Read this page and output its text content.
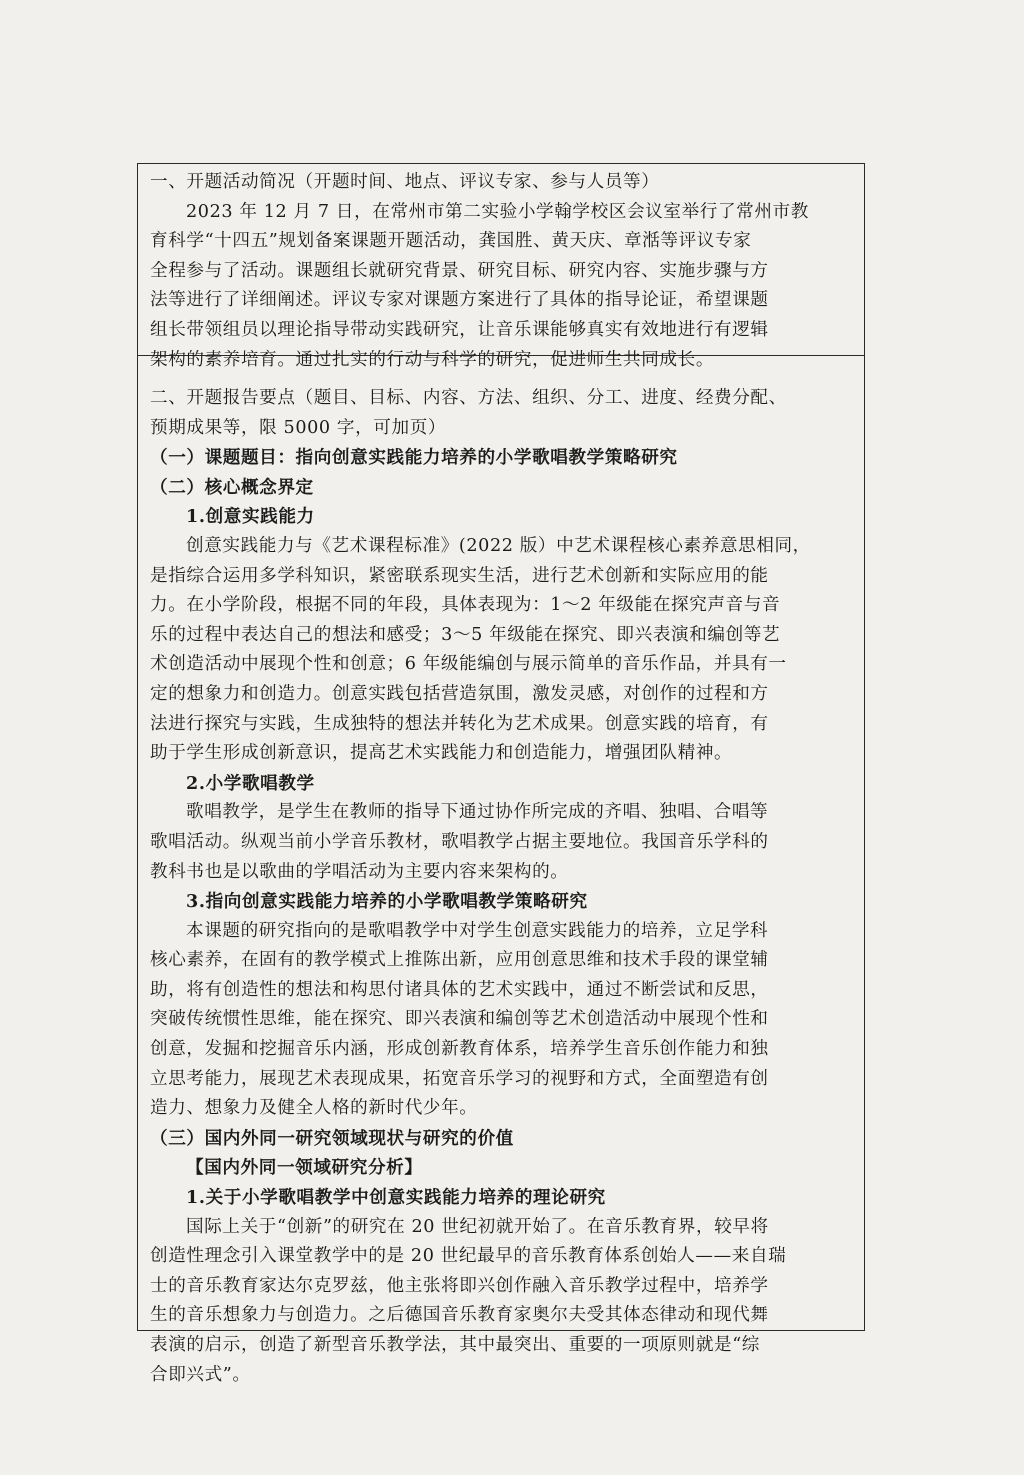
一、开题活动简况（开题时间、地点、评议专家、参与人员等）
2023 年 12 月 7 日，在常州市第二实验小学翰学校区会议室举行了常州市教
育科学“十四五”规划备案课题开题活动，龚国胜、黄天庆、章湉等评议专家
全程参与了活动。课题组长就研究背景、研究目标、研究内容、实施步骤与方
法等进行了详细阐述。评议专家对课题方案进行了具体的指导论证，希望课题
组长带领组员以理论指导带动实践研究，让音乐课能够真实有效地进行有逻辑
架构的素养培育。通过扎实的行动与科学的研究，促进师生共同成长。
二、开题报告要点（题目、目标、内容、方法、组织、分工、进度、经费分配、
预期成果等，限 5000 字，可加页）
（一）课题题目：指向创意实践能力培养的小学歌唱教学策略研究
（二）核心概念界定
1.创意实践能力
创意实践能力与《艺术课程标准》(2022 版）中艺术课程核心素养意思相同，
是指综合运用多学科知识，紧密联系现实生活，进行艺术创新和实际应用的能
力。在小学阶段，根据不同的年段，具体表现为：1～2 年级能在探究声音与音
乐的过程中表达自己的想法和感受；3～5 年级能在探究、即兴表演和编创等艺
术创造活动中展现个性和创意；6 年级能编创与展示简单的音乐作品，并具有一
定的想象力和创造力。创意实践包括营造氛围，激发灵感，对创作的过程和方
法进行探究与实践，生成独特的想法并转化为艺术成果。创意实践的培育，有
助于学生形成创新意识，提高艺术实践能力和创造能力，增强团队精神。
2.小学歌唱教学
歌唱教学，是学生在教师的指导下通过协作所完成的齐唱、独唱、合唱等
歌唱活动。纵观当前小学音乐教材，歌唱教学占据主要地位。我国音乐学科的
教科书也是以歌曲的学唱活动为主要内容来架构的。
3.指向创意实践能力培养的小学歌唱教学策略研究
本课题的研究指向的是歌唱教学中对学生创意实践能力的培养，立足学科
核心素养，在固有的教学模式上推陈出新，应用创意思维和技术手段的课堂辅
助，将有创造性的想法和构思付诸具体的艺术实践中，通过不断尝试和反思，
突破传统惯性思维，能在探究、即兴表演和编创等艺术创造活动中展现个性和
创意，发掘和挖掘音乐内涵，形成创新教育体系，培养学生音乐创作能力和独
立思考能力，展现艺术表现成果，拓宽音乐学习的视野和方式，全面塑造有创
造力、想象力及健全人格的新时代少年。
（三）国内外同一研究领域现状与研究的价值
【国内外同一领域研究分析】
1.关于小学歌唱教学中创意实践能力培养的理论研究
国际上关于“创新”的研究在 20 世纪初就开始了。在音乐教育界，较早将
创造性理念引入课堂教学中的是 20 世纪最早的音乐教育体系创始人——来自瑞
士的音乐教育家达尔克罗兹，他主张将即兴创作融入音乐教学过程中，培养学
生的音乐想象力与创造力。之后德国音乐教育家奥尔夫受其体态律动和现代舞
表演的启示，创造了新型音乐教学法，其中最突出、重要的一项原则就是“综
合即兴式”。
